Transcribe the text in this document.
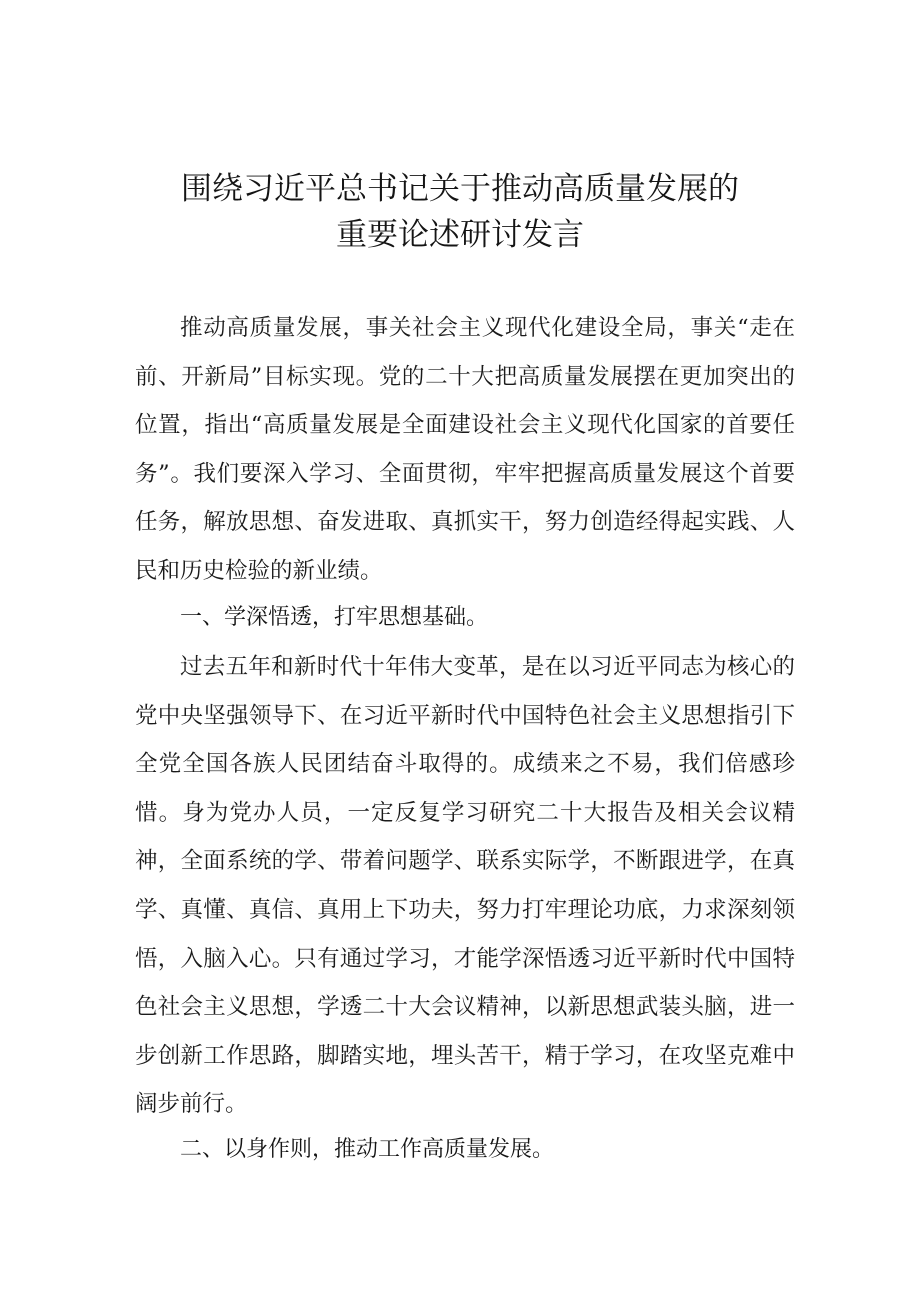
围绕习近平总书记关于推动高质量发展的
重要论述研讨发言

推动高质量发展，事关社会主义现代化建设全局，事关“走在前、开新局”目标实现。党的二十大把高质量发展摆在更加突出的位置，指出“高质量发展是全面建设社会主义现代化国家的首要任务”。我们要深入学习、全面贯彻，牢牢把握高质量发展这个首要任务，解放思想、奋发进取、真抓实干，努力创造经得起实践、人民和历史检验的新业绩。

一、学深悟透，打牢思想基础。

过去五年和新时代十年伟大变革，是在以习近平同志为核心的党中央坚强领导下、在习近平新时代中国特色社会主义思想指引下全党全国各族人民团结奋斗取得的。成绩来之不易，我们倍感珍惜。身为党办人员，一定反复学习研究二十大报告及相关会议精神，全面系统的学、带着问题学、联系实际学，不断跟进学，在真学、真懂、真信、真用上下功夫，努力打牢理论功底，力求深刻领悟，入脑入心。只有通过学习，才能学深悟透习近平新时代中国特色社会主义思想，学透二十大会议精神，以新思想武装头脑，进一步创新工作思路，脚踏实地，埋头苦干，精于学习，在攻坚克难中阔步前行。

二、以身作则，推动工作高质量发展。
